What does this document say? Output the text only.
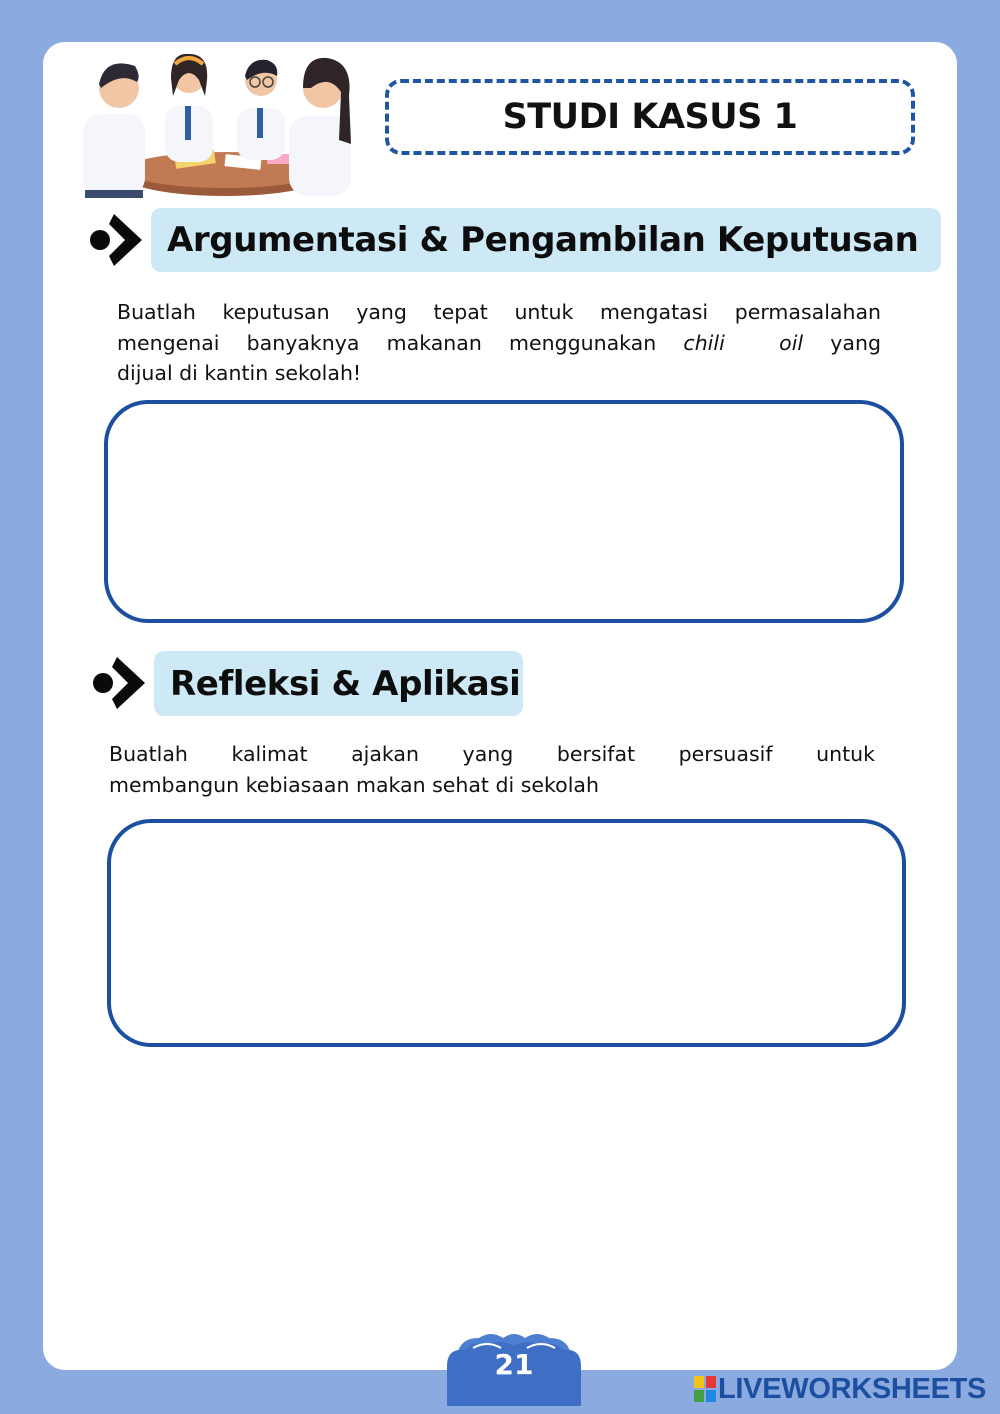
STUDI KASUS 1
Argumentasi & Pengambilan Keputusan
Buatlah keputusan yang tepat untuk mengatasi permasalahan
mengenai banyaknya makanan menggunakan chili  oil yang
dijual di kantin sekolah!
Refleksi & Aplikasi
Buatlah kalimat ajakan yang bersifat persuasif untuk
membangun kebiasaan makan sehat di sekolah
21
LIVEWORKSHEETS
